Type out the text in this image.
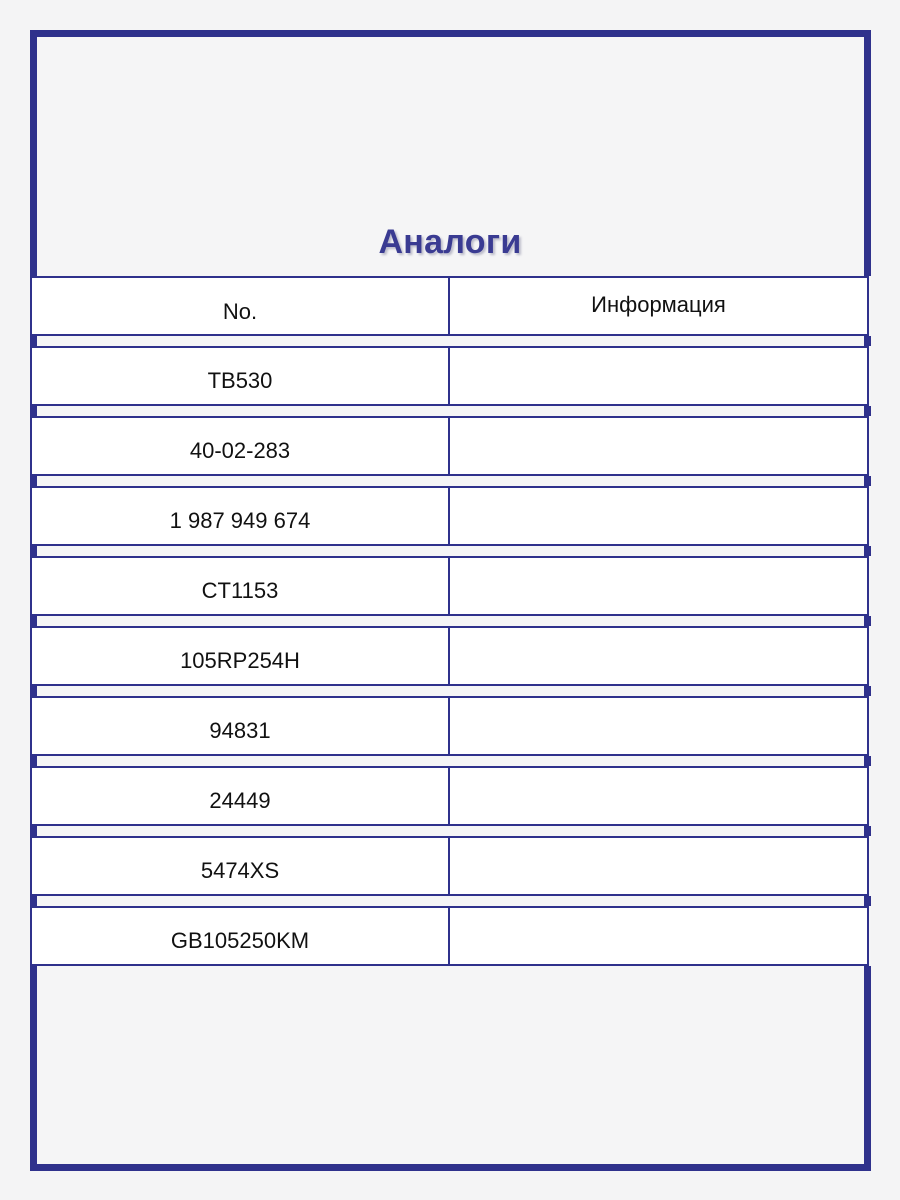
Аналоги
No.	Информация
TB530
40-02-283
1 987 949 674
CT1153
105RP254H
94831
24449
5474XS
GB105250KM
